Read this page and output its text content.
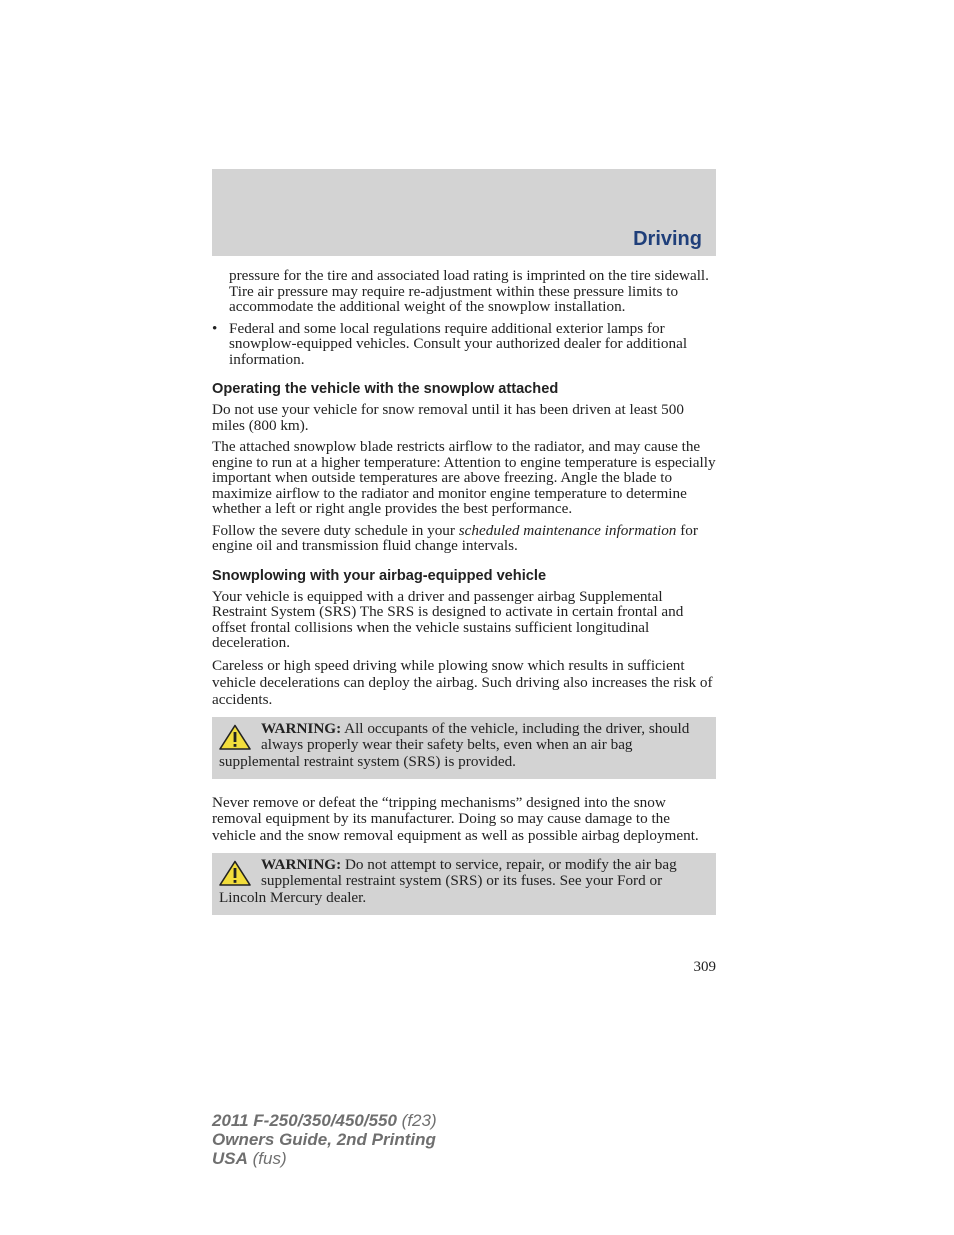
Driving

pressure for the tire and associated load rating is imprinted on the tire sidewall. Tire air pressure may require re-adjustment within these pressure limits to accommodate the additional weight of the snowplow installation.

• Federal and some local regulations require additional exterior lamps for snowplow-equipped vehicles. Consult your authorized dealer for additional information.
Operating the vehicle with the snowplow attached

Do not use your vehicle for snow removal until it has been driven at least 500 miles (800 km).

The attached snowplow blade restricts airflow to the radiator, and may cause the engine to run at a higher temperature: Attention to engine temperature is especially important when outside temperatures are above freezing. Angle the blade to maximize airflow to the radiator and monitor engine temperature to determine whether a left or right angle provides the best performance.

Follow the severe duty schedule in your scheduled maintenance information for engine oil and transmission fluid change intervals.

Snowplowing with your airbag-equipped vehicle

Your vehicle is equipped with a driver and passenger airbag Supplemental Restraint System (SRS) The SRS is designed to activate in certain frontal and offset frontal collisions when the vehicle sustains sufficient longitudinal deceleration.

Careless or high speed driving while plowing snow which results in sufficient vehicle decelerations can deploy the airbag. Such driving also increases the risk of accidents.

WARNING: All occupants of the vehicle, including the driver, should always properly wear their safety belts, even when an air bag supplemental restraint system (SRS) is provided.

Never remove or defeat the “tripping mechanisms” designed into the snow removal equipment by its manufacturer. Doing so may cause damage to the vehicle and the snow removal equipment as well as possible airbag deployment.

WARNING: Do not attempt to service, repair, or modify the air bag supplemental restraint system (SRS) or its fuses. See your Ford or Lincoln Mercury dealer.
309
2011 F-250/350/450/550 (f23)
Owners Guide, 2nd Printing
USA (fus)
